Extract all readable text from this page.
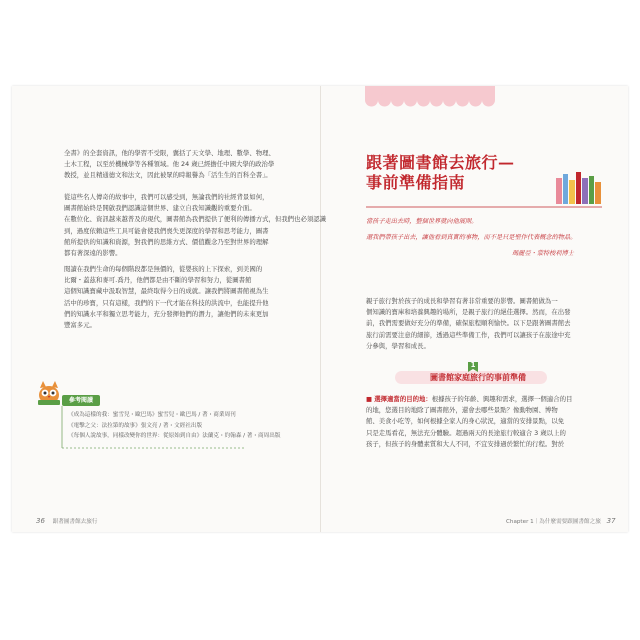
全書》的全套資訊，他的學習不受限，囊括了天文學、地理、數學、物理、
土木工程，以至於機械學等各種領域。他 24 歲已經擔任中國大學的政治學
教授，並且精通德文和法文，因此被眾的時報譽為「活生生的百科全書」。
從這些名人傳奇的故事中，我們可以感受到，無論我們的社經背景如何，
圖書館始終是開啟我們認識這個世界、建立自我知識觀的重要介面。
在數位化、資訊越來越普及的現代，圖書館為我們提供了便利的傳播方式，但我們也必須認識
到，過度依賴這些工具可能會使我們喪失更深度的學習和思考能力，圖書
館所提供的知識和資源，對我們的思維方式、價值觀念乃至對世界的理解
都有著深遠的影響。
閱讀在我們生命的每個階段都是無價的，從嬰孩的上下探索，到美國的
比爾・蓋茲和麥可․喬丹，他們都是由不斷的學習和努力，從圖書館
這個知識寶藏中汲取智慧，最終取得今日的成就。讓我們將圖書館視為生
活中的珍寶，只有這樣，我們的下一代才能在科技的洪流中，也能提升他
們的知識水平和獨立思考能力，充分發揮他們的潛力，讓他們的未來更加
豐富多元。
參考閱讀
《成為這樣的我：蜜雪兒・歐巴馬》蜜雪兒・歐巴馬 / 著・商業周刊
《電擊之父：法拉第的故事》張文亮 / 著・文經社出版
《每個人說故事，同樣改變你的世界：從原始到自由》法蘭克・約翰森 / 著・商周出版
36 跟著圖書館去旅行
跟著圖書館去旅行—
事前準備指南
當孩子走出去時，整個世界就向他展開。
還我們帶孩子出去，讓他看到真實的事物，而不是只是聖作代表概念的物品。
瑪麗亞・蒙特梭利博士
親子旅行對於孩子的成長和學習有著非常重要的影響。圖書館做為一
個知識的寶庫和培養興趣的場所，是親子旅行的絕佳選擇。然而，在出發
前，我們需要做好充分的準備，確保旅程順利愉快。以下是跟著圖書館去
旅行前需要注意的細節，透過這些準備工作，我們可以讓孩子在旅途中充
分參與，學習和成長。
1
圖書館家庭旅行的事前準備
■ 選擇適當的目的地：根據孩子的年齡、興趣和需求，選擇一個適合的目
的地，您選目的地除了圖書館外，還會去哪些景點？像動物園、博物
館、美食小吃等，如何根據全家人的身心狀況，適當的安排景點，以免
只是走馬看花，無法充分體驗。超過兩天的長途旅行較適合 3 歲以上的
孩子，但孩子的身體素質和大人不同，不宜安排過於繁忙的行程。對於
Chapter 1｜為什麼需要跟圖書館之旅 37
